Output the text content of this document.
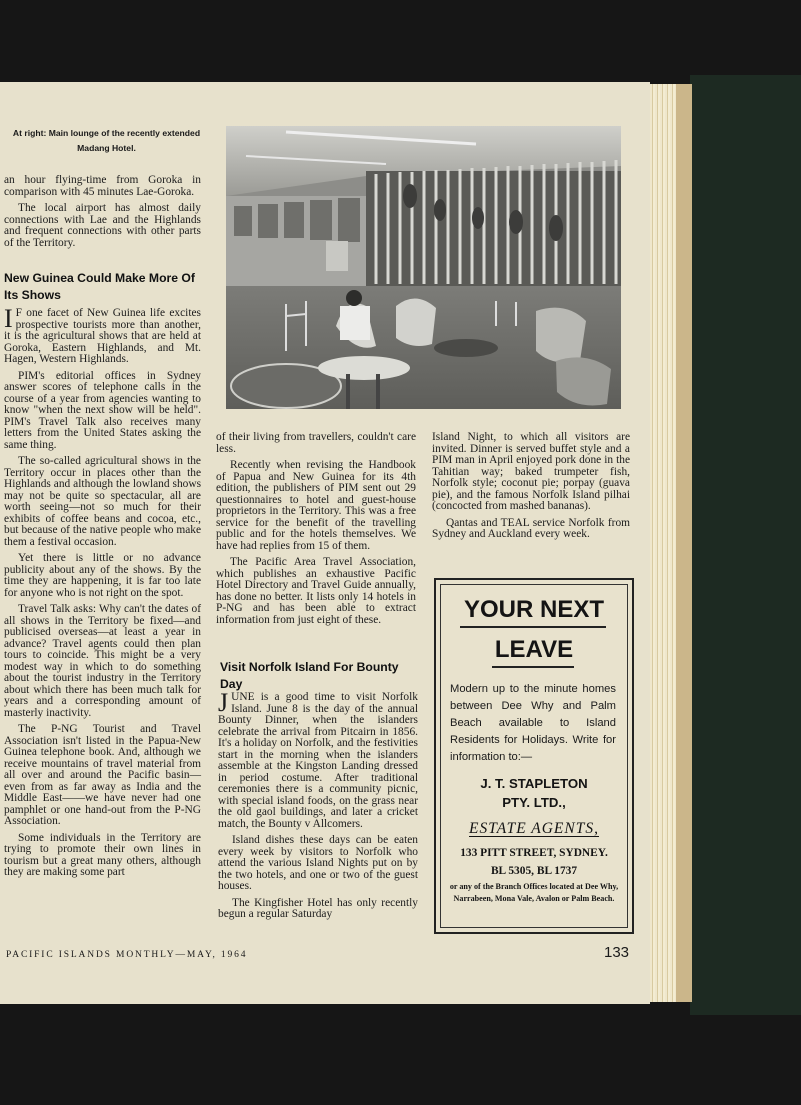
At right: Main lounge of the recently extended Madang Hotel.

an hour flying-time from Goroka in comparison with 45 minutes Lae-Goroka.

The local airport has almost daily connections with Lae and the Highlands and frequent connections with other parts of the Territory.

New Guinea Could Make More Of Its Shows

I F one facet of New Guinea life excites prospective tourists more than another, it is the agricultural shows that are held at Goroka, Eastern Highlands, and Mt. Hagen, Western Highlands.

PIM's editorial offices in Sydney answer scores of telephone calls in the course of a year from agencies wanting to know "when the next show will be held". PIM's Travel Talk also receives many letters from the United States asking the same thing.

The so-called agricultural shows in the Territory occur in places other than the Highlands and although the lowland shows may not be quite so spectacular, all are worth seeing—not so much for their exhibits of coffee beans and cocoa, etc., but because of the native people who make them a festival occasion.

Yet there is little or no advance publicity about any of the shows. By the time they are happening, it is far too late for anyone who is not right on the spot.

Travel Talk asks: Why can't the dates of all shows in the Territory be fixed—and publicised overseas—at least a year in advance? Travel agents could then plan tours to coincide. This might be a very modest way in which to do something about the tourist industry in the Territory about which there has been much talk for years and a corresponding amount of masterly inactivity.

The P-NG Tourist and Travel Association isn't listed in the Papua-New Guinea telephone book. And, although we receive mountains of travel material from all over and around the Pacific basin—even from as far away as India and the Middle East——we have never had one pamphlet or one hand-out from the P-NG Association.

Some individuals in the Territory are trying to promote their own lines in tourism but a great many others, although they are making some part

of their living from travellers, couldn't care less.

Recently when revising the Handbook of Papua and New Guinea for its 4th edition, the publishers of PIM sent out 29 questionnaires to hotel and guest-house proprietors in the Territory. This was a free service for the benefit of the travelling public and for the hotels themselves. We have had replies from 15 of them.

The Pacific Area Travel Association, which publishes an exhaustive Pacific Hotel Directory and Travel Guide annually, has done no better. It lists only 14 hotels in P-NG and has been able to extract information from just eight of these.

Visit Norfolk Island For Bounty Day

JUNE is a good time to visit Norfolk Island. June 8 is the day of the annual Bounty Dinner, when the islanders celebrate the arrival from Pitcairn in 1856. It's a holiday on Norfolk, and the festivities start in the morning when the islanders assemble at the Kingston Landing dressed in period costume. After traditional ceremonies there is a community picnic, with special island foods, on the grass near the old gaol buildings, and later a cricket match, the Bounty v Allcomers.

Island dishes these days can be eaten every week by visitors to Norfolk who attend the various Island Nights put on by the two hotels, and one or two of the guest houses.

The Kingfisher Hotel has only recently begun a regular Saturday

Island Night, to which all visitors are invited. Dinner is served buffet style and a PIM man in April enjoyed pork done in the Tahitian way; baked trumpeter fish, Norfolk style; coconut pie; porpay (guava pie), and the famous Norfolk Island pilhai (concocted from mashed bananas).

Qantas and TEAL service Norfolk from Sydney and Auckland every week.

YOUR NEXT

LEAVE

Modern up to the minute homes between Dee Why and Palm Beach available to Island Residents for Holidays. Write for information to:—

J. T. STAPLETON

PTY. LTD.,

ESTATE AGENTS,

133 PITT STREET, SYDNEY.

BL 5305, BL 1737

or any of the Branch Offices located at Dee Why, Narrabeen, Mona Vale, Avalon or Palm Beach.

PACIFIC ISLANDS MONTHLY—MAY, 1964	133
